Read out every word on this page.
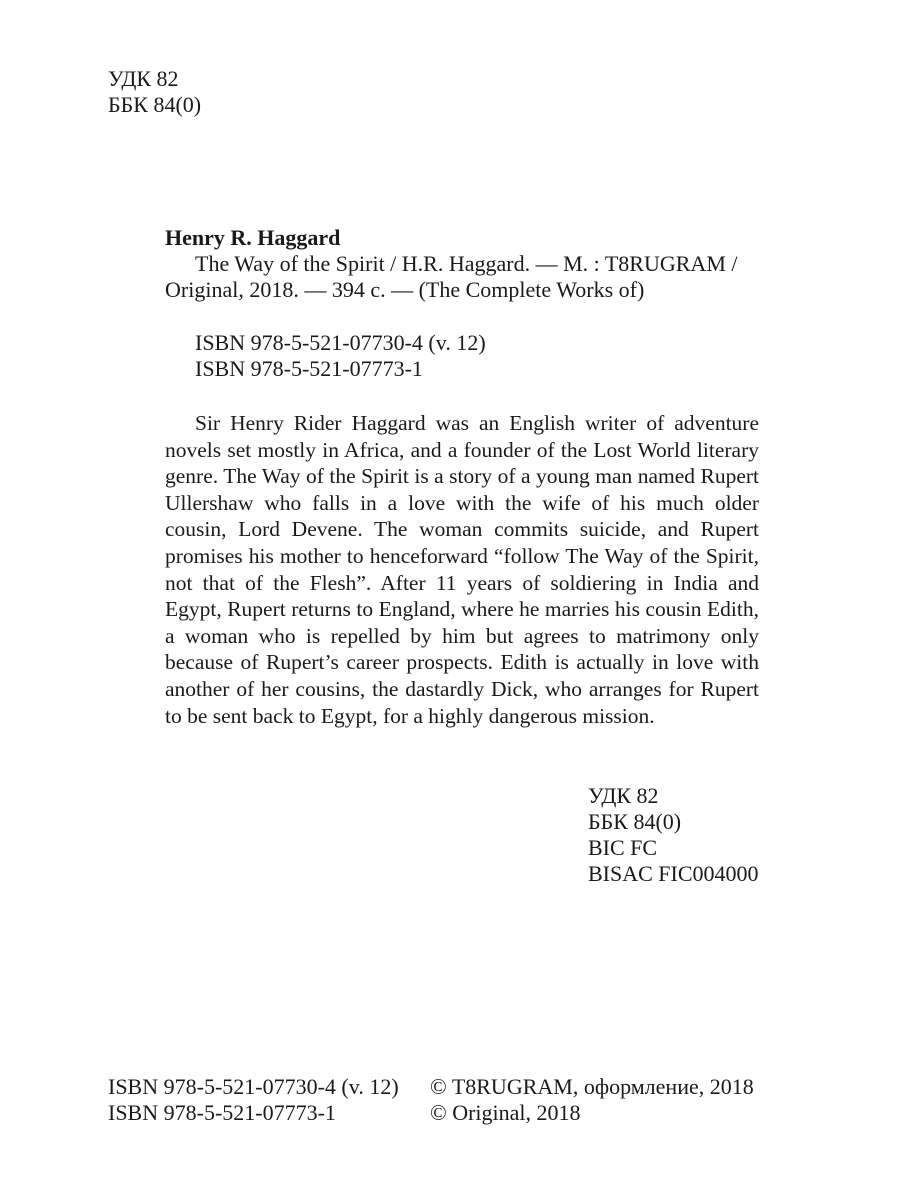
УДК 82
ББК 84(0)
Henry R. Haggard
The Way of the Spirit / H.R. Haggard. — M. : T8RUGRAM /
Original, 2018. — 394 с. — (The Complete Works of)
ISBN 978-5-521-07730-4 (v. 12)
ISBN 978-5-521-07773-1
Sir Henry Rider Haggard was an English writer of adventure novels set mostly in Africa, and a founder of the Lost World literary genre. The Way of the Spirit is a story of a young man named Rupert Ullershaw who falls in a love with the wife of his much older cousin, Lord Devene. The woman commits suicide, and Rupert promises his mother to henceforward “follow The Way of the Spirit, not that of the Flesh”. After 11 years of soldiering in India and Egypt, Rupert returns to England, where he marries his cousin Edith, a woman who is repelled by him but agrees to matrimony only because of Rupert’s career prospects. Edith is actually in love with another of her cousins, the dastardly Dick, who arranges for Rupert to be sent back to Egypt, for a highly dangerous mission.
УДК 82
ББК 84(0)
BIC FC
BISAC FIC004000
ISBN 978-5-521-07730-4 (v. 12)
ISBN 978-5-521-07773-1
© T8RUGRAM, оформление, 2018
© Original, 2018
